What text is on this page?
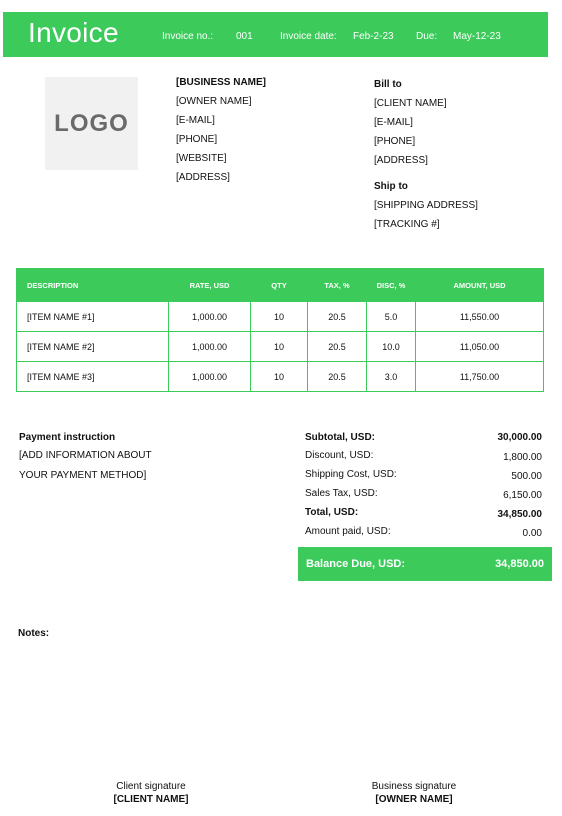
Invoice	Invoice no.: 001	Invoice date: Feb-2-23 Due: May-12-23
LOGO
[BUSINESS NAME]
[OWNER NAME]
[E-MAIL]
[PHONE]
[WEBSITE]
[ADDRESS]
Bill to
[CLIENT NAME]
[E-MAIL]
[PHONE]
[ADDRESS]
Ship to
[SHIPPING ADDRESS]
[TRACKING #]
DESCRIPTION	RATE, USD	QTY	TAX, %	DISC, %	AMOUNT, USD
[ITEM NAME #1]	1,000.00	10	20.5	5.0	11,550.00
[ITEM NAME #2]	1,000.00	10	20.5	10.0	11,050.00
[ITEM NAME #3]	1,000.00	10	20.5	3.0	11,750.00
Payment instruction
[ADD INFORMATION ABOUT
YOUR PAYMENT METHOD]
Subtotal, USD:	30,000.00
Discount, USD:	1,800.00
Shipping Cost, USD:	500.00
Sales Tax, USD:	6,150.00
Total, USD:	34,850.00
Amount paid, USD:	0.00
Balance Due, USD:	34,850.00
Notes:
Client signature
[CLIENT NAME]
Business signature
[OWNER NAME]
